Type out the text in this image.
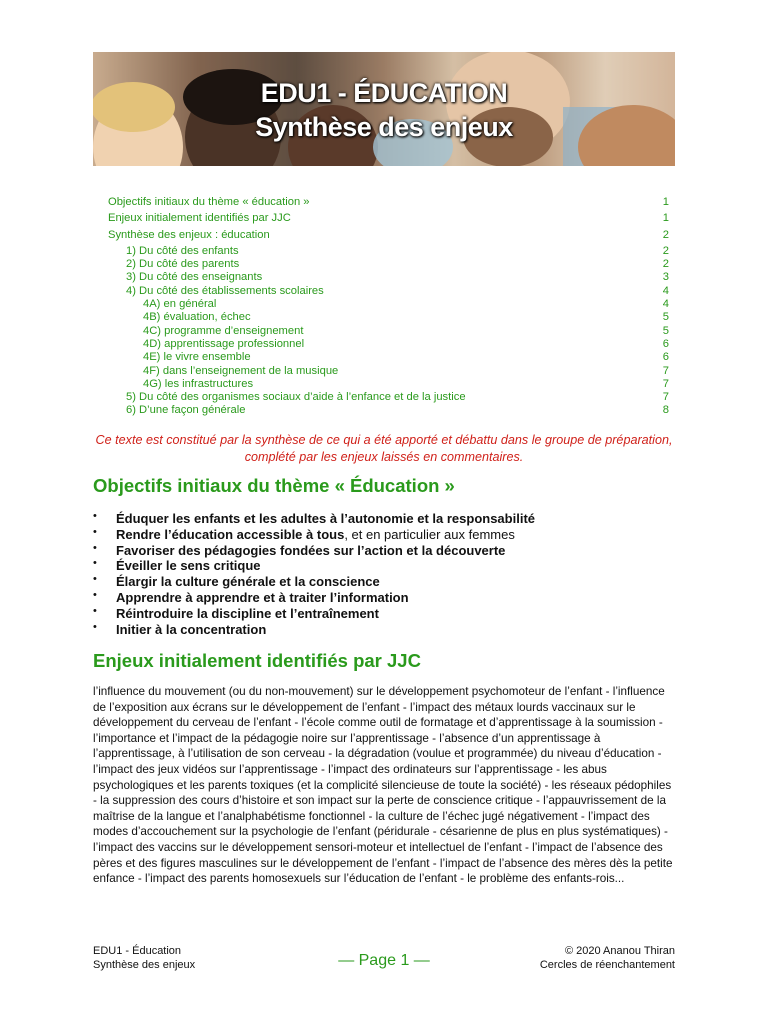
EDU1 - ÉDUCATION
Synthèse des enjeux
Objectifs initiaux du thème « éducation »	1
Enjeux initialement identifiés par JJC	1
Synthèse des enjeux : éducation	2
1) Du côté des enfants	2
2) Du côté des parents	2
3) Du côté des enseignants	3
4) Du côté des établissements scolaires	4
4A) en général	4
4B) évaluation, échec	5
4C) programme d’enseignement	5
4D) apprentissage professionnel	6
4E) le vivre ensemble	6
4F) dans l’enseignement de la musique	7
4G) les infrastructures	7
5) Du côté des organismes sociaux d’aide à l’enfance et de la justice	7
6) D’une façon générale	8
Ce texte est constitué par la synthèse de ce qui a été apporté et débattu dans le groupe de préparation, complété par les enjeux laissés en commentaires.
Objectifs initiaux du thème « Éducation »
• Éduquer les enfants et les adultes à l’autonomie et la responsabilité
• Rendre l’éducation accessible à tous, et en particulier aux femmes
• Favoriser des pédagogies fondées sur l’action et la découverte
• Éveiller le sens critique
• Élargir la culture générale et la conscience
• Apprendre à apprendre et à traiter l’information
• Réintroduire la discipline et l’entraînement
• Initier à la concentration
Enjeux initialement identifiés par JJC
l’influence du mouvement (ou du non-mouvement) sur le développement psychomoteur de l’enfant - l’influence de l’exposition aux écrans sur le développement de l’enfant - l’impact des métaux lourds vaccinaux sur le développement du cerveau de l’enfant - l’école comme outil de formatage et d’apprentissage à la soumission - l’importance et l’impact de la pédagogie noire sur l’apprentissage - l’absence d’un apprentissage à l’apprentissage, à l’utilisation de son cerveau - la dégradation (voulue et programmée) du niveau d’éducation - l’impact des jeux vidéos sur l’apprentissage - l’impact des ordinateurs sur l’apprentissage - les abus psychologiques et les parents toxiques (et la complicité silencieuse de toute la société) - les réseaux pédophiles - la suppression des cours d’histoire et son impact sur la perte de conscience critique - l’appauvrissement de la maîtrise de la langue et l’analphabétisme fonctionnel - la culture de l’échec jugé négativement - l’impact des modes d’accouchement sur la psychologie de l’enfant (péridurale - césarienne de plus en plus systématiques) - l’impact des vaccins sur le développement sensori-moteur et intellectuel de l’enfant - l’impact de l’absence des pères et des figures masculines sur le développement de l’enfant - l’impact de l’absence des mères dès la petite enfance - l’impact des parents homosexuels sur l’éducation de l’enfant - le problème des enfants-rois...
EDU1 - Éducation
Synthèse des enjeux	— Page 1 —
© 2020 Ananou Thiran
Cercles de réenchantement
